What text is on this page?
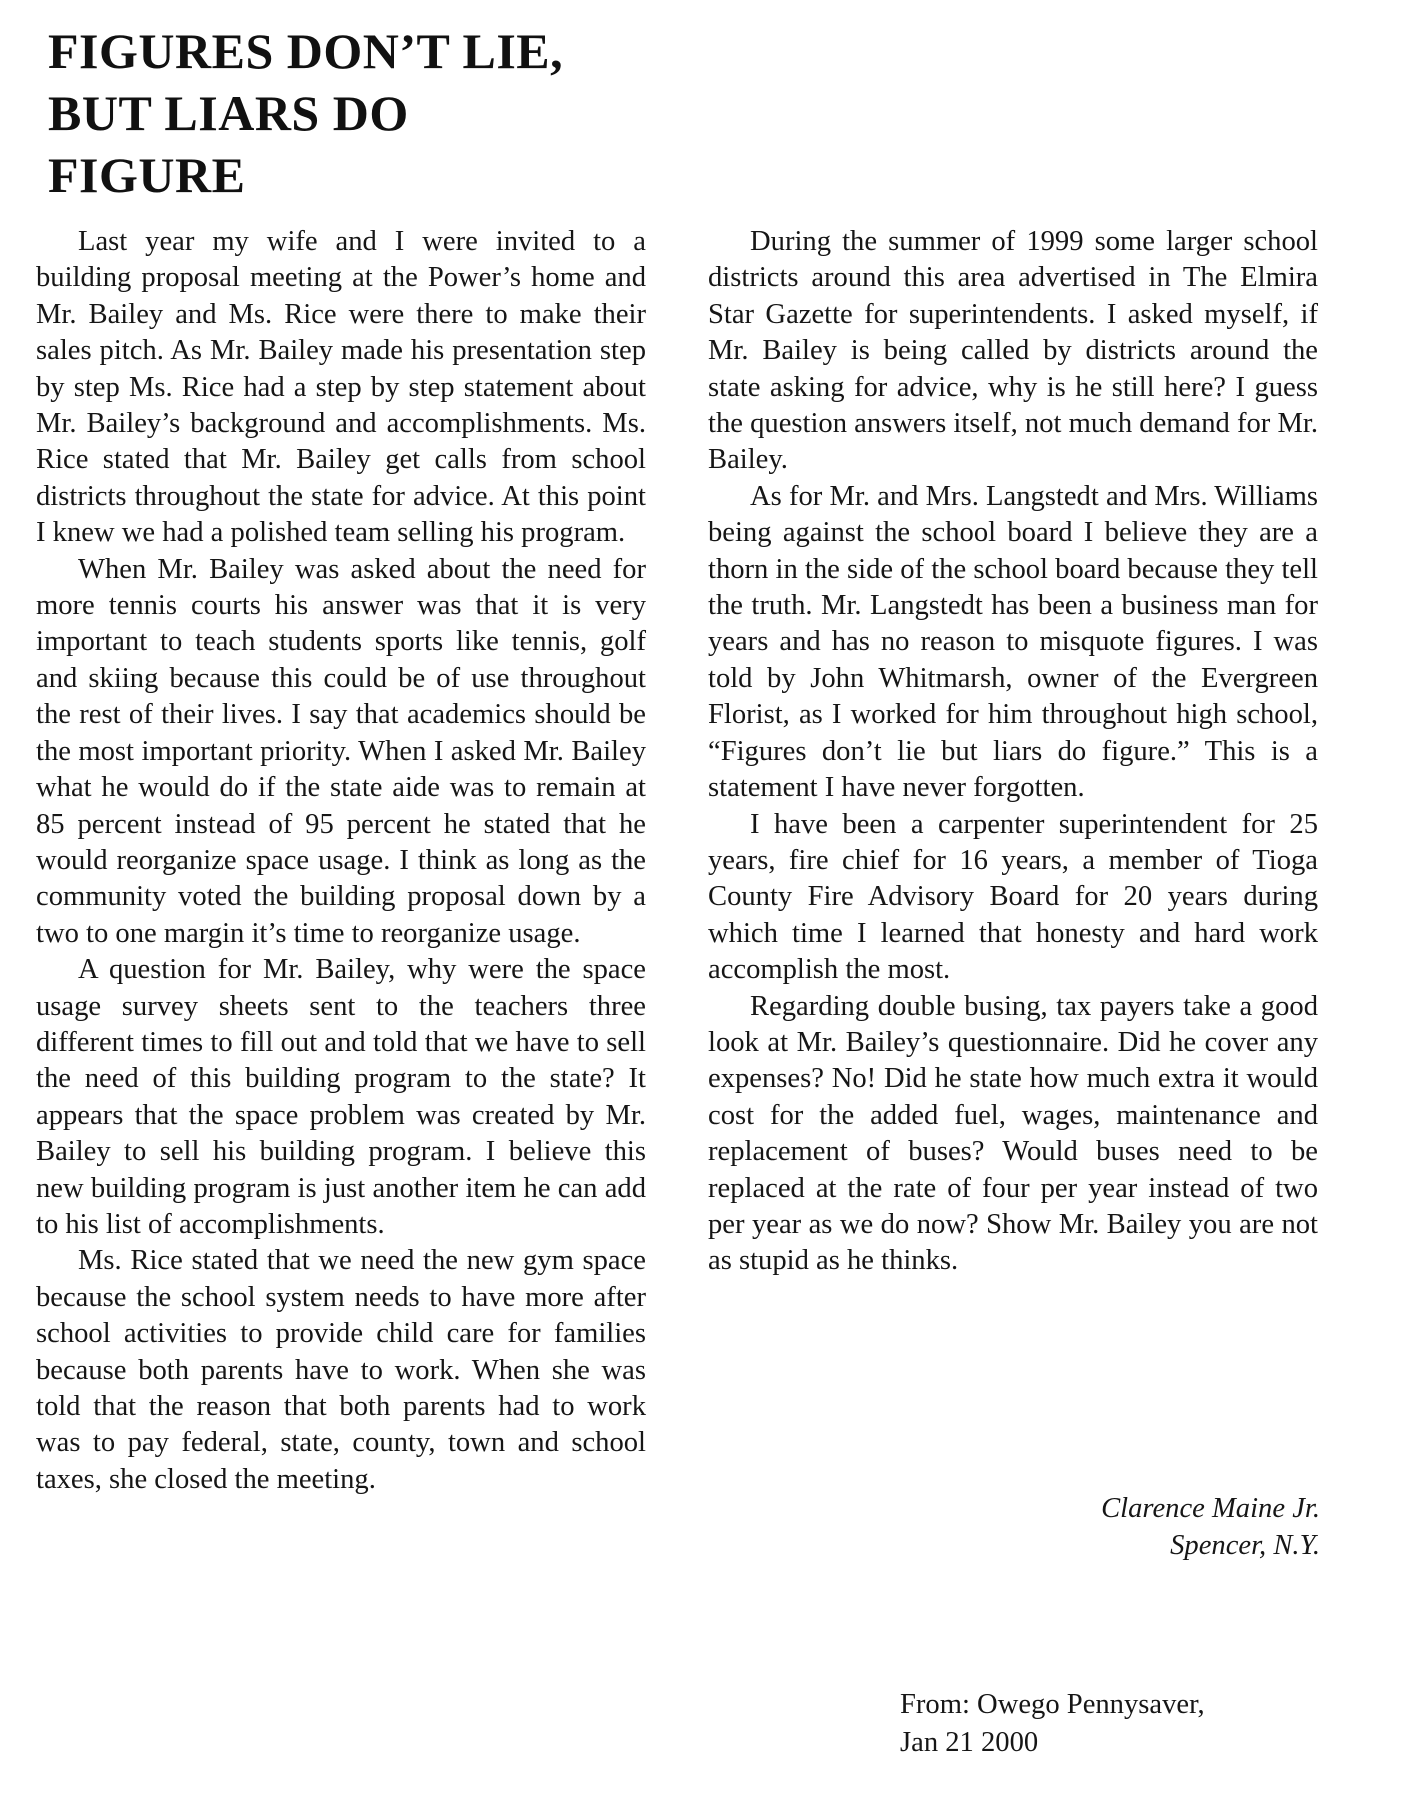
FIGURES DON’T LIE,
BUT LIARS DO
FIGURE

Last year my wife and I were invited to a building proposal meeting at the Power’s home and Mr. Bailey and Ms. Rice were there to make their sales pitch. As Mr. Bailey made his presentation step by step Ms. Rice had a step by step statement about Mr. Bailey’s background and accomplishments. Ms. Rice stated that Mr. Bailey get calls from school districts throughout the state for advice. At this point I knew we had a polished team selling his program.

When Mr. Bailey was asked about the need for more tennis courts his answer was that it is very important to teach students sports like tennis, golf and skiing because this could be of use throughout the rest of their lives. I say that academics should be the most important priority. When I asked Mr. Bailey what he would do if the state aide was to remain at 85 percent instead of 95 percent he stated that he would reorganize space usage. I think as long as the community voted the building proposal down by a two to one margin it’s time to reorganize usage.

A question for Mr. Bailey, why were the space usage survey sheets sent to the teachers three different times to fill out and told that we have to sell the need of this building program to the state? It appears that the space problem was created by Mr. Bailey to sell his building program. I believe this new building program is just another item he can add to his list of accomplishments.

Ms. Rice stated that we need the new gym space because the school system needs to have more after school activities to provide child care for families because both parents have to work. When she was told that the reason that both parents had to work was to pay federal, state, county, town and school taxes, she closed the meeting.

During the summer of 1999 some larger school districts around this area advertised in The Elmira Star Gazette for superintendents. I asked myself, if Mr. Bailey is being called by districts around the state asking for advice, why is he still here? I guess the question answers itself, not much demand for Mr. Bailey.

As for Mr. and Mrs. Langstedt and Mrs. Williams being against the school board I believe they are a thorn in the side of the school board because they tell the truth. Mr. Langstedt has been a business man for years and has no reason to misquote figures. I was told by John Whitmarsh, owner of the Evergreen Florist, as I worked for him throughout high school, “Figures don’t lie but liars do figure.” This is a statement I have never forgotten.

I have been a carpenter superintendent for 25 years, fire chief for 16 years, a member of Tioga County Fire Advisory Board for 20 years during which time I learned that honesty and hard work accomplish the most.

Regarding double busing, tax payers take a good look at Mr. Bailey’s questionnaire. Did he cover any expenses? No! Did he state how much extra it would cost for the added fuel, wages, maintenance and replacement of buses? Would buses need to be replaced at the rate of four per year instead of two per year as we do now? Show Mr. Bailey you are not as stupid as he thinks.

Clarence Maine Jr.
Spencer, N.Y.
From: Owego Pennysaver,
Jan 21 2000
